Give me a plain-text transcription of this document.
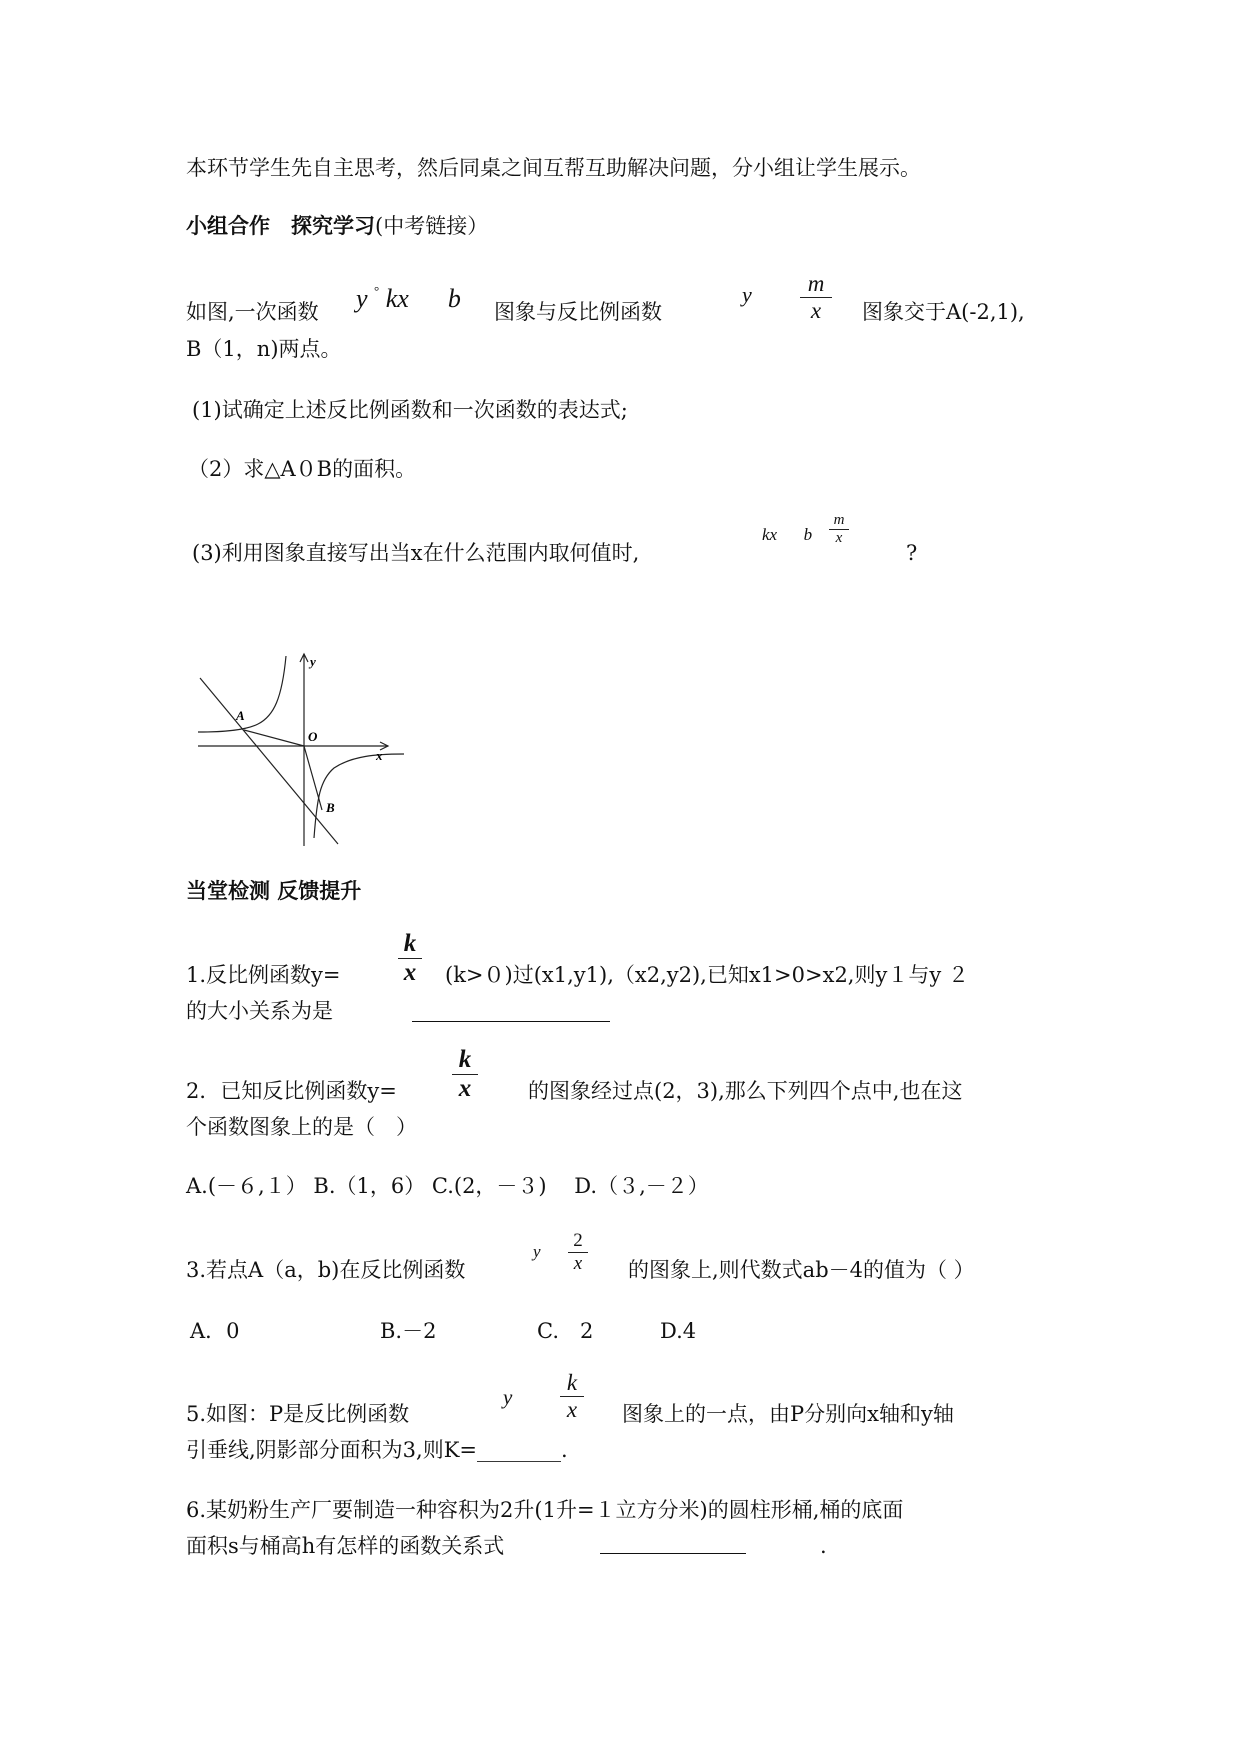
本环节学生先自主思考，然后同桌之间互帮互助解决问题，分小组让学生展示。
小组合作　探究学习(中考链接）
如图,一次函数 y ° kx b 图象与反比例函数
y $\frac{m}{x}$ 图象交于A(-2,1),
B（1，n)两点。
(1)试确定上述反比例函数和一次函数的表达式;
（2）求△A０B的面积。
(3)利用图象直接写出当x在什么范围内取何值时,
kx b $\frac{m}{x}$
?
y
x
O
A
B
当堂检测 反馈提升
1.反比例函数$y= \frac{k}{x} (k>0)$过(x1,y1),（x2,y2),已知x1>0>x2,则y１与y ２
的大小关系为是
2．已知反比例函数$y= \frac{k}{x}$ 的图象经过点(2，3),那么下列四个点中,也在这
个函数图象上的是（　）
A.(－６,１） B.（1，6） C.(2，－３)　 D.（３,－２）
3.若点A（a，b)在反比例函数
y $\frac{2}{x}$ 的图象上,则代数式ab－4的值为（ ）
A．0	B.－2	C.　2	D.4
5.如图：P是反比例函数
y $\frac{k}{x}$ 图象上的一点，由P分别向x轴和y轴
引垂线,阴影部分面积为3,则K=________.
6.某奶粉生产厂要制造一种容积为2升(1升=１立方分米)的圆柱形桶,桶的底面
面积s与桶高h有怎样的函数关系式	.
